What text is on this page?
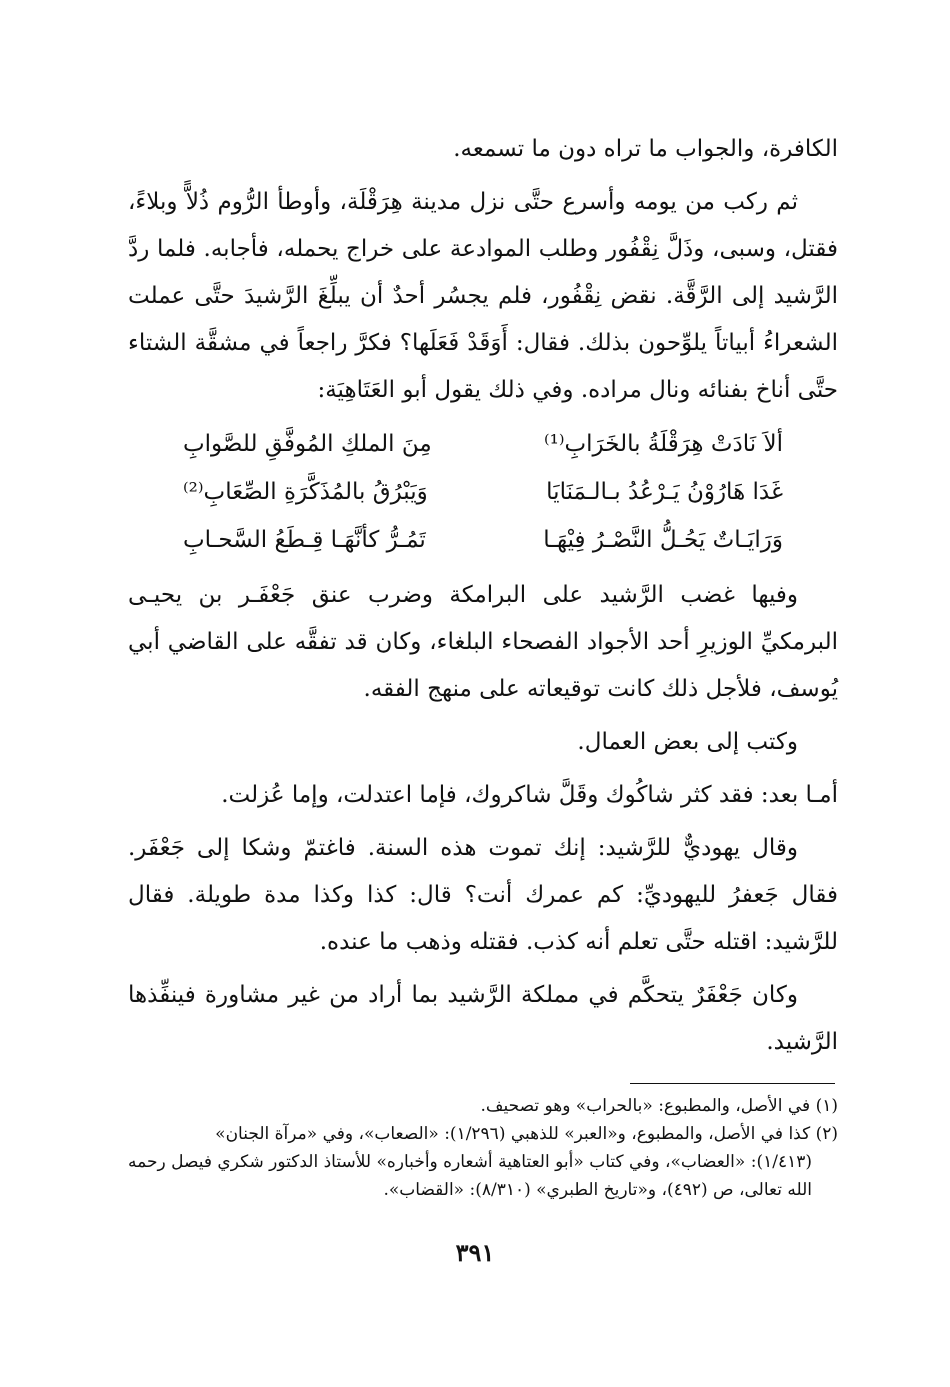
الكافرة، والجواب ما تراه دون ما تسمعه.

ثم ركب من يومه وأسرع حتَّى نزل مدينة هِرَقْلَة، وأوطأ الرُّوم ذُلاًّ وبلاءً، فقتل، وسبى، وذَلَّ نِقْفُور وطلب الموادعة على خراج يحمله، فأجابه. فلما ردَّ الرَّشيد إلى الرَّقَّة. نقض نِقْفُور، فلم يجسُر أحدٌ أن يبلِّغَ الرَّشيدَ حتَّى عملت الشعراءُ أبياتاً يلوِّحون بذلك. فقال: أَوَقَدْ فَعَلَها؟ فكرَّ راجعاً في مشقَّة الشتاء حتَّى أناخ بفنائه ونال مراده. وفي ذلك يقول أبو العَتَاهِيَة:

ألاَ نَادَتْ هِرَقْلَةُ بالخَرَابِ⁽¹⁾
مِنَ الملكِ المُوفَّقِ للصَّوابِ
غَدَا هَارُوْنُ يَـرْعُدُ بـالـمَنَايَا
وَيَبْرُقُ بالمُذَكَّرَةِ الصِّعَابِ⁽²⁾
وَرَايَـاتٌ يَحُـلُّ النَّصْـرُ فِيْهَـا
تَمُـرُّ كأنَّهَـا قِـطَعُ السَّحـابِ

وفيها غضب الرَّشيد على البرامكة وضرب عنق جَعْفَـر بن يحيـى البرمكيِّ الوزيرِ أحد الأجواد الفصحاء البلغاء، وكان قد تفقَّه على القاضي أبي يُوسف، فلأجل ذلك كانت توقيعاته على منهج الفقه.

وكتب إلى بعض العمال.

أمـا بعد: فقد كثر شاكُوك وقَلَّ شاكروك، فإما اعتدلت، وإما عُزلت.

وقال يهوديٌّ للرَّشيد: إنك تموت هذه السنة. فاغتمّ وشكا إلى جَعْفَر. فقال جَعفرُ لليهوديِّ: كم عمرك أنت؟ قال: كذا وكذا مدة طويلة. فقال للرَّشيد: اقتله حتَّى تعلم أنه كذب. فقتله وذهب ما عنده.

وكان جَعْفَرٌ يتحكَّم في مملكة الرَّشيد بما أراد من غير مشاورة فينفِّذها الرَّشيد.

(١) في الأصل، والمطبوع: «بالحراب» وهو تصحيف.

(٢) كذا في الأصل، والمطبوع، و«العبر» للذهبي (١/٢٩٦): «الصعاب»، وفي «مرآة الجنان»
(١/٤١٣): «العضاب»، وفي كتاب «أبو العتاهية أشعاره وأخباره» للأستاذ الدكتور شكري فيصل رحمه الله تعالى، ص (٤٩٢)، و«تاريخ الطبري» (٨/٣١٠): «القضاب».

٣٩١
